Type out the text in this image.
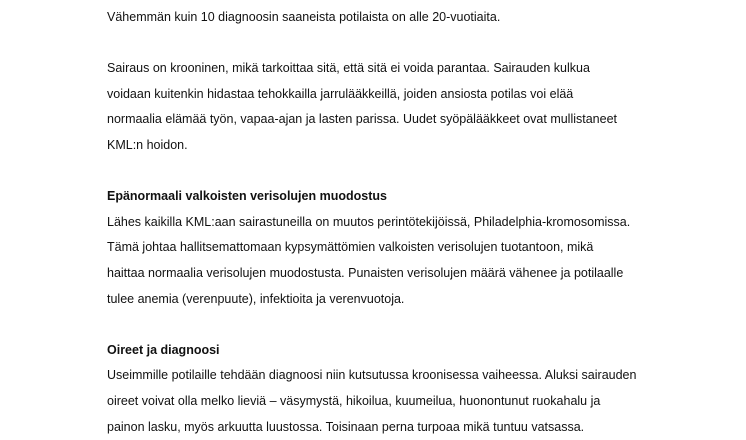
Vähemmän kuin 10 diagnoosin saaneista potilaista on alle 20-vuotiaita.
Sairaus on krooninen, mikä tarkoittaa sitä, että sitä ei voida parantaa. Sairauden kulkua
voidaan kuitenkin hidastaa tehokkailla jarrulääkkeillä, joiden ansiosta potilas voi elää
normaalia elämää työn, vapaa-ajan ja lasten parissa. Uudet syöpälääkkeet ovat mullistaneet
KML:n hoidon.
Epänormaali valkoisten verisolujen muodostus
Lähes kaikilla KML:aan sairastuneilla on muutos perintötekijöissä, Philadelphia-kromosomissa.
Tämä johtaa hallitsemattomaan kypsymättömien valkoisten verisolujen tuotantoon, mikä
haittaa normaalia verisolujen muodostusta. Punaisten verisolujen määrä vähenee ja potilaalle
tulee anemia (verenpuute), infektioita ja verenvuotoja.
Oireet ja diagnoosi
Useimmille potilaille tehdään diagnoosi niin kutsutussa kroonisessa vaiheessa. Aluksi sairauden
oireet voivat olla melko lieviä – väsymystä, hikoilua, kuumeilua, huonontunut ruokahalu ja
painon lasku, myös arkuutta luustossa. Toisinaan perna turpoaa mikä tuntuu vatsassa.
